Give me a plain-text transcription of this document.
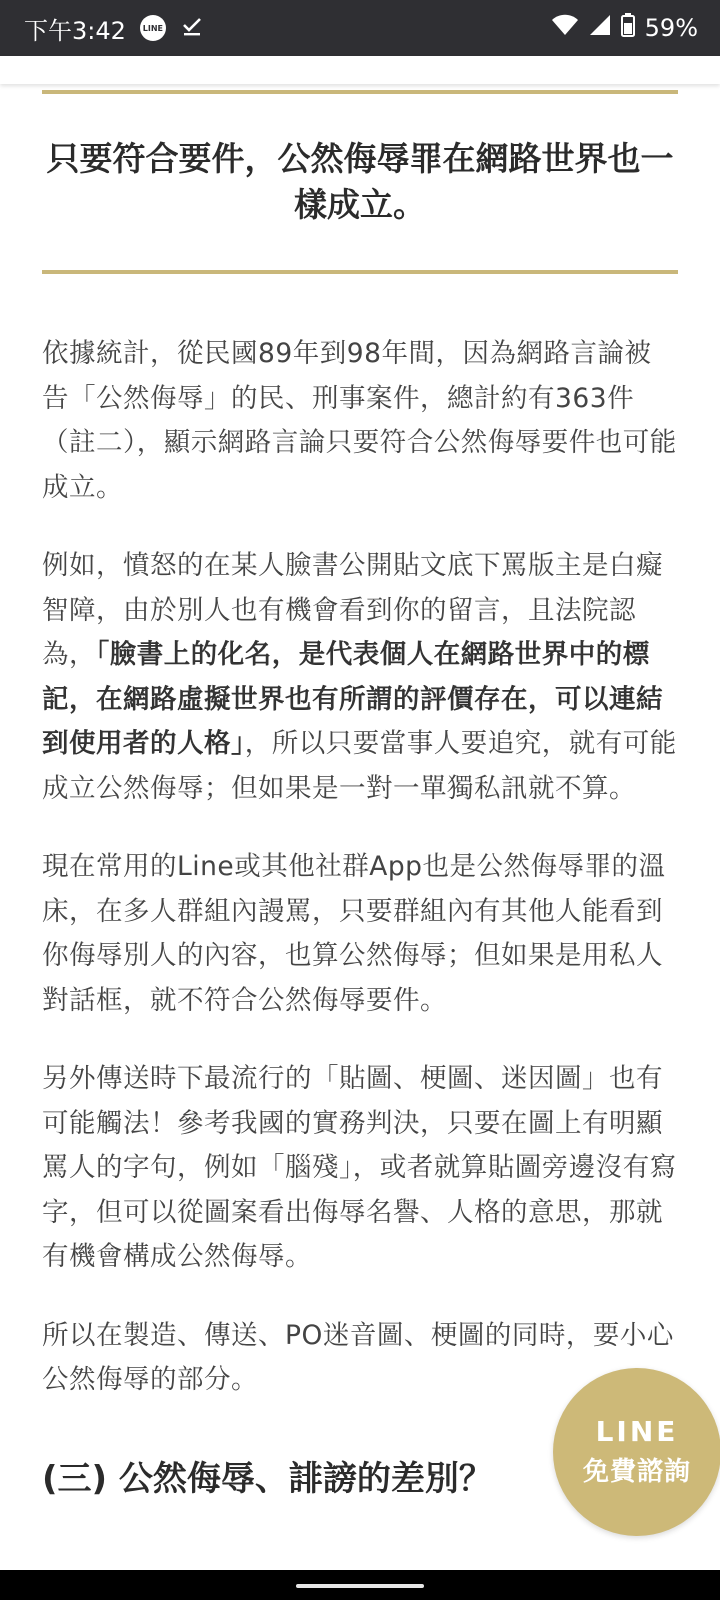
下午3:42 LINE	59%
只要符合要件，公然侮辱罪在網路世界也一樣成立。

依據統計，從民國89年到98年間，因為網路言論被告「公然侮辱」的民、刑事案件，總計約有363件（註二），顯示網路言論只要符合公然侮辱要件也可能成立。

例如，憤怒的在某人臉書公開貼文底下罵版主是白癡智障，由於別人也有機會看到你的留言，且法院認為，「臉書上的化名，是代表個人在網路世界中的標記，在網路虛擬世界也有所謂的評價存在，可以連結到使用者的人格」，所以只要當事人要追究，就有可能成立公然侮辱；但如果是一對一單獨私訊就不算。

現在常用的Line或其他社群App也是公然侮辱罪的溫床，在多人群組內謾罵，只要群組內有其他人能看到你侮辱別人的內容，也算公然侮辱；但如果是用私人對話框，就不符合公然侮辱要件。

另外傳送時下最流行的「貼圖、梗圖、迷因圖」也有可能觸法！參考我國的實務判決，只要在圖上有明顯罵人的字句，例如「腦殘」，或者就算貼圖旁邊沒有寫字，但可以從圖案看出侮辱名譽、人格的意思，那就有機會構成公然侮辱。

所以在製造、傳送、PO迷音圖、梗圖的同時，要小心公然侮辱的部分。

(三) 公然侮辱、誹謗的差別？
LINE
免費諮詢
